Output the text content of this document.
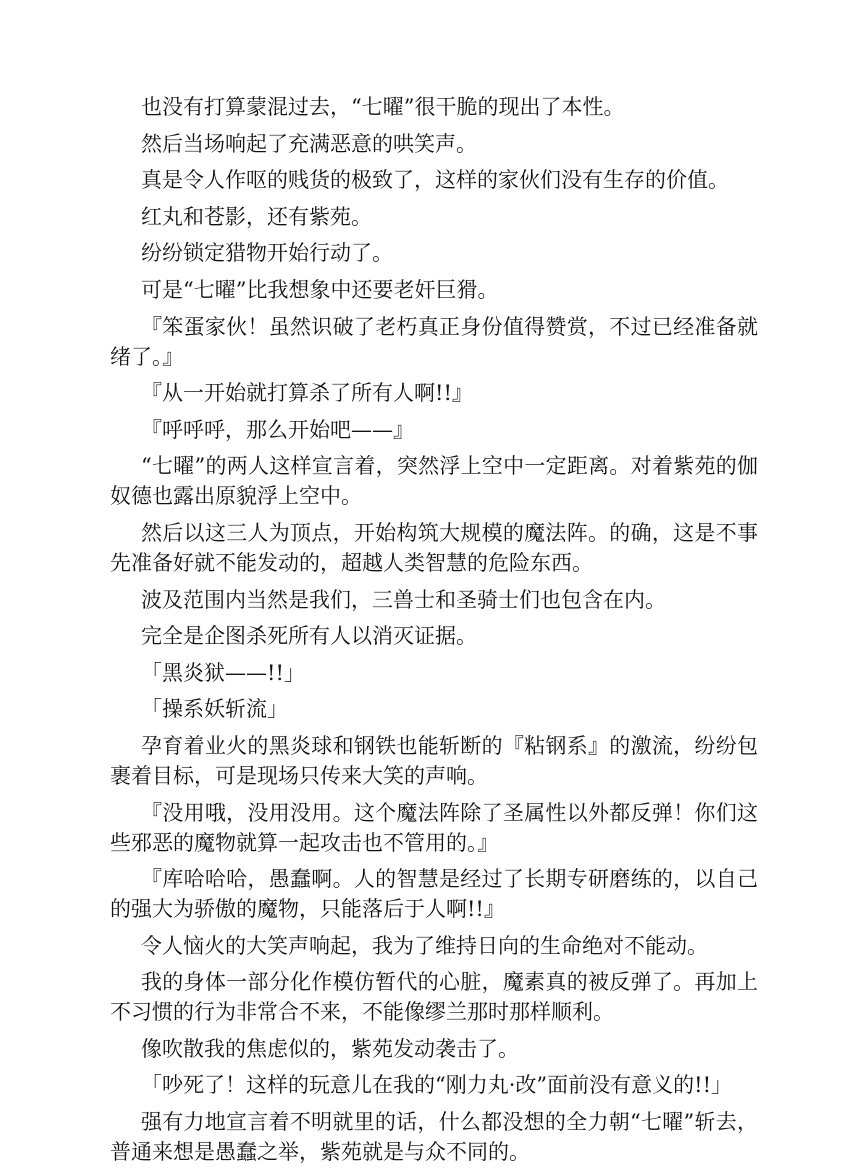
也没有打算蒙混过去，“七曜”很干脆的现出了本性。

然后当场响起了充满恶意的哄笑声。

真是令人作呕的贱货的极致了，这样的家伙们没有生存的价值。

红丸和苍影，还有紫苑。

纷纷锁定猎物开始行动了。

可是“七曜”比我想象中还要老奸巨猾。

『笨蛋家伙！虽然识破了老朽真正身份值得赞赏，不过已经准备就绪了。』

『从一开始就打算杀了所有人啊!!』

『呼呼呼，那么开始吧——』

“七曜”的两人这样宣言着，突然浮上空中一定距离。对着紫苑的伽奴德也露出原貌浮上空中。

然后以这三人为顶点，开始构筑大规模的魔法阵。的确，这是不事先准备好就不能发动的，超越人类智慧的危险东西。

波及范围内当然是我们，三兽士和圣骑士们也包含在内。

完全是企图杀死所有人以消灭证据。

「黑炎狱——!!」

「操系妖斩流」

孕育着业火的黑炎球和钢铁也能斩断的『粘钢系』的激流，纷纷包裹着目标，可是现场只传来大笑的声响。

『没用哦，没用没用。这个魔法阵除了圣属性以外都反弹！你们这些邪恶的魔物就算一起攻击也不管用的。』

『库哈哈哈，愚蠢啊。人的智慧是经过了长期专研磨练的，以自己的强大为骄傲的魔物，只能落后于人啊!!』

令人恼火的大笑声响起，我为了维持日向的生命绝对不能动。

我的身体一部分化作模仿暂代的心脏，魔素真的被反弹了。再加上不习惯的行为非常合不来，不能像缪兰那时那样顺利。

像吹散我的焦虑似的，紫苑发动袭击了。

「吵死了！这样的玩意儿在我的“刚力丸·改”面前没有意义的!!」

强有力地宣言着不明就里的话，什么都没想的全力朝“七曜”斩去，普通来想是愚蠢之举，紫苑就是与众不同的。
